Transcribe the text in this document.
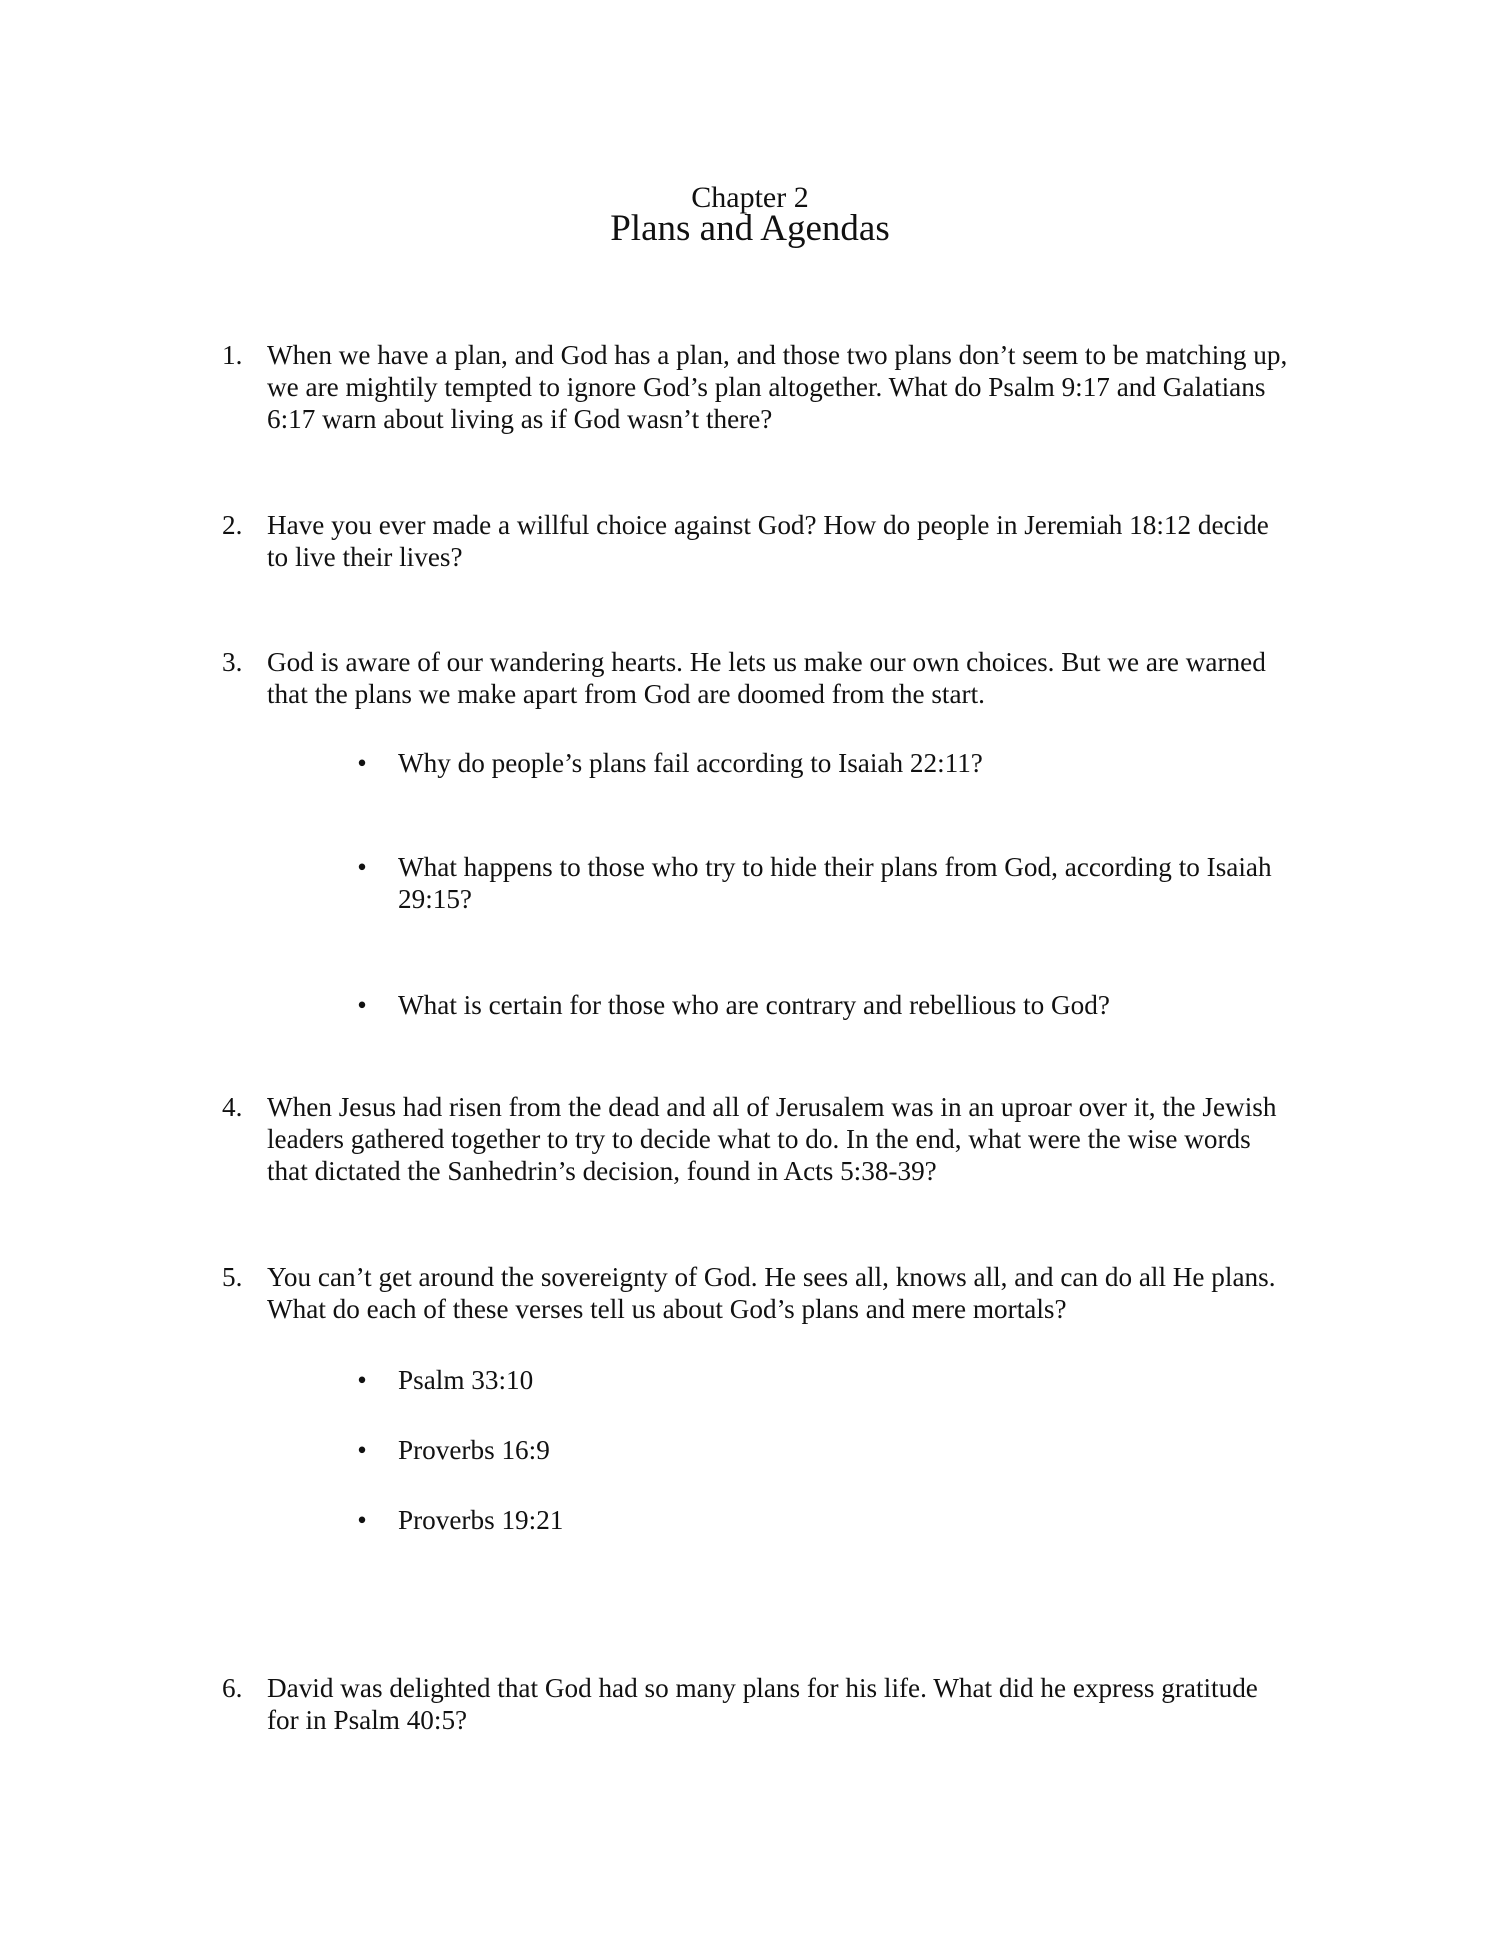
Chapter 2
Plans and Agendas
1. When we have a plan, and God has a plan, and those two plans don’t seem to be matching up, we are mightily tempted to ignore God’s plan altogether. What do Psalm 9:17 and Galatians 6:17 warn about living as if God wasn’t there?
2. Have you ever made a willful choice against God? How do people in Jeremiah 18:12 decide to live their lives?
3. God is aware of our wandering hearts. He lets us make our own choices. But we are warned that the plans we make apart from God are doomed from the start.
• Why do people’s plans fail according to Isaiah 22:11?
• What happens to those who try to hide their plans from God, according to Isaiah 29:15?
• What is certain for those who are contrary and rebellious to God?
4. When Jesus had risen from the dead and all of Jerusalem was in an uproar over it, the Jewish leaders gathered together to try to decide what to do. In the end, what were the wise words that dictated the Sanhedrin’s decision, found in Acts 5:38-39?
5. You can’t get around the sovereignty of God. He sees all, knows all, and can do all He plans. What do each of these verses tell us about God’s plans and mere mortals?
• Psalm 33:10
• Proverbs 16:9
• Proverbs 19:21
6. David was delighted that God had so many plans for his life. What did he express gratitude for in Psalm 40:5?
